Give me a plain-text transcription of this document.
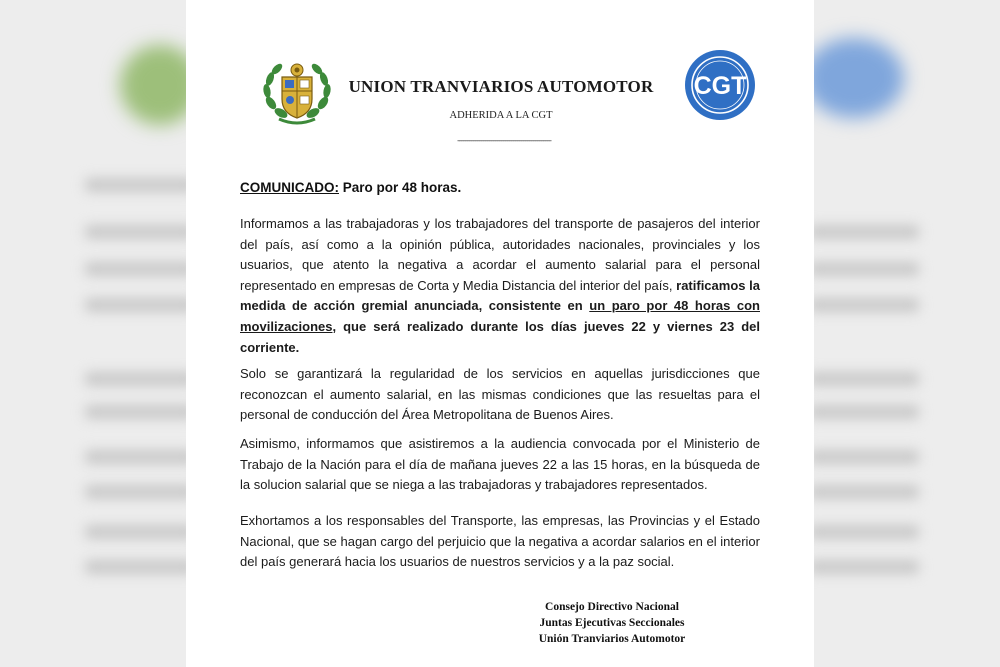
UNION TRANVIARIOS AUTOMOTOR
ADHERIDA A LA CGT
-----------------------------------------------
CGT
COMUNICADO: Paro por 48 horas.

Informamos a las trabajadoras y los trabajadores del transporte de pasajeros del interior del país, así como a la opinión pública, autoridades nacionales, provinciales y los usuarios, que atento la negativa a acordar el aumento salarial para el personal representado en empresas de Corta y Media Distancia del interior del país, ratificamos la medida de acción gremial anunciada, consistente en un paro por 48 horas con movilizaciones, que será realizado durante los días jueves 22 y viernes 23 del corriente.

Solo se garantizará la regularidad de los servicios en aquellas jurisdicciones que reconozcan el aumento salarial, en las mismas condiciones que las resueltas para el personal de conducción del Área Metropolitana de Buenos Aires.

Asimismo, informamos que asistiremos a la audiencia convocada por el Ministerio de Trabajo de la Nación para el día de mañana jueves 22 a las 15 horas, en la búsqueda de la solucion salarial que se niega a las trabajadoras y trabajadores representados.

Exhortamos a los responsables del Transporte, las empresas, las Provincias y el Estado Nacional, que se hagan cargo del perjuicio que la negativa a acordar salarios en el interior del país generará hacia los usuarios de nuestros servicios y a la paz social.

Consejo Directivo Nacional
Juntas Ejecutivas Seccionales
Unión Tranviarios Automotor
